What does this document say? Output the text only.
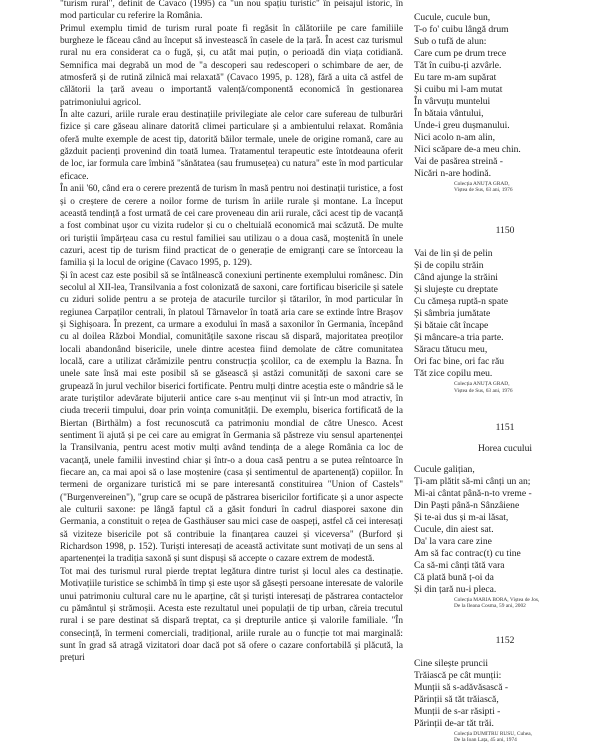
"turism rural", definit de Cavaco (1995) ca "un nou spațiu turistic" în peisajul istoric, în mod particular cu referire la România.

Primul exemplu timid de turism rural poate fi regăsit în călătoriile pe care familiile burgheze le făceau când au început să investească în casele de la țară. În acest caz turismul rural nu era considerat ca o fugă, și, cu atât mai puțin, o perioadă din viața cotidiană. Semnifica mai degrabă un mod de "a descoperi sau redescoperi o schimbare de aer, de atmosferă și de rutină zilnică mai relaxată" (Cavaco 1995, p. 128), fără a uita că astfel de călătorii la țară aveau o importantă valență/componentă economică în gestionarea patrimoniului agricol.

În alte cazuri, ariile rurale erau destinațiile privilegiate ale celor care sufereau de tulburări fizice și care găseau alinare datorită climei particulare și a ambientului relaxat. România oferă multe exemple de acest tip, datorită băilor termale, unele de origine romană, care au găzduit pacienți provenind din toată lumea. Tratamentul terapeutic este întotdeauna oferit de loc, iar formula care îmbină "sănătatea (sau frumusețea) cu natura" este în mod particular eficace.

În anii '60, când era o cerere prezentă de turism în masă pentru noi destinații turistice, a fost și o creștere de cerere a noilor forme de turism în ariile rurale și montane. La început această tendință a fost urmată de cei care proveneau din arii rurale, căci acest tip de vacanță a fost combinat ușor cu vizita rudelor și cu o cheltuială economică mai scăzută. De multe ori turiștii împărțeau casa cu restul familiei sau utilizau o a doua casă, moștenită în unele cazuri, acest tip de turism fiind practicat de o generație de emigranți care se întorceau la familia și la locul de origine (Cavaco 1995, p. 129).

Și în acest caz este posibil să se întâlnească conexiuni pertinente exemplului românesc. Din secolul al XII-lea, Transilvania a fost colonizată de saxoni, care fortificau bisericile și satele cu ziduri solide pentru a se proteja de atacurile turcilor și tătarilor, în mod particular în regiunea Carpaților centrali, în platoul Târnavelor în toată aria care se extinde între Brașov și Sighișoara. În prezent, ca urmare a exodului în masă a saxonilor în Germania, începând cu al doilea Război Mondial, comunitățile saxone riscau să dispară, majoritatea preoților locali abandonând bisericile, unele dintre acestea fiind demolate de către comunitatea locală, care a utilizat cărămizile pentru construcția școlilor, ca de exemplu la Bazna. În unele sate însă mai este posibil să se găsească și astăzi comunități de saxoni care se grupează în jurul vechilor biserici fortificate. Pentru mulți dintre aceștia este o mândrie să le arate turiștilor adevărate bijuterii antice care s-au menținut vii și într-un mod atractiv, în ciuda trecerii timpului, doar prin voința comunității. De exemplu, biserica fortificată de la Biertan (Birthälm) a fost recunoscută ca patrimoniu mondial de către Unesco. Acest sentiment îi ajută și pe cei care au emigrat în Germania să păstreze viu sensul apartenenței la Transilvania, pentru acest motiv mulți având tendința de a alege România ca loc de vacanță, unele familii investind chiar și într-o a doua casă pentru a se putea reîntoarce în fiecare an, ca mai apoi să o lase moștenire (casa și sentimentul de apartenență) copiilor. În termeni de organizare turistică mi se pare interesantă constituirea "Union of Castels" ("Burgenvereinen"), "grup care se ocupă de păstrarea bisericilor fortificate și a unor aspecte ale culturii saxone: pe lângă faptul că a găsit fonduri în cadrul diasporei saxone din Germania, a constituit o rețea de Gasthäuser sau mici case de oaspeți, astfel că cei interesați să viziteze bisericile pot să contribuie la finanțarea cauzei și viceversa" (Burford și Richardson 1998, p. 152). Turiști interesați de această activitate sunt motivați de un sens al apartenenței la tradiția saxonă și sunt dispuși să accepte o cazare extrem de modestă.

Tot mai des turismul rural pierde treptat legătura dintre turist și locul ales ca destinație. Motivațiile turistice se schimbă în timp și este ușor să găsești persoane interesate de valorile unui patrimoniu cultural care nu le aparține, cât și turiști interesați de păstrarea contactelor cu pământul și strămoșii. Acesta este rezultatul unei populații de tip urban, căreia trecutul rural i se pare destinat să dispară treptat, ca și drepturile antice și valorile familiale. "În consecință, în termeni comerciali, tradițional, ariile rurale au o funcție tot mai marginală: sunt în grad să atragă vizitatori doar dacă pot să ofere o cazare confortabilă și plăcută, la prețuri

Cucule, cucule bun,
T-o fo' cuibu lângă drum
Sub o tufă de alun:
Care cum pe drum trece
Tăt în cuibu-ți azvârle.
Eu tare m-am supărat
Și cuibu mi l-am mutat
În vârvuțu muntelui
În bătaia vântului,
Unde-i greu dușmanului.
Nici acolo n-am alin,
Nici scăpare de-a meu chin.
Vai de pasărea streină -
Nicări n-are hodină.
Colecția ANUȚA GRAD,
Viștea de Sus, 63 ani, 1976

1150

Vai de lin și de pelin
Și de copilu străin
Când ajunge la străini
Și slujește cu dreptate
Cu cămeșa ruptă-n spate
Și sâmbria jumătate
Și bătaie cât încape
Și mâncare-a tria parte.
Săracu tătucu meu,
Ori fac bine, ori fac rău
Tăt zice copilu meu.
Colecția ANUȚA GRAD,
Viștea de Sus, 63 ani, 1976

1151

Horea cucului

Cucule galițian,
Ți-am plătit să-mi cânți un an;
Mi-ai cântat până-n-to vreme -
Din Paști până-n Sânzâiene
Și te-ai dus și m-ai lăsat,
Cucule, din aiest sat.
Da' la vara care zine
Am să fac contrac(t) cu tine
Ca să-mi cânți tătă vara
Că plată bună ț-oi da
Și din țară nu-i plecа.
Colecția MARIA BORA, Viștea de Jos,
De la Ileana Cosma, 59 ani, 2002

1152

Cine silește pruncii
Trăiască pe cât munții:
Munții să s-adăvăsască -
Părinții să tăt trăiască,
Munții de s-ar răsipti -
Părinții de-ar tăt trăi.
Colecția DUMITRU RUSU, Cuhea,
De la Ioan Lața, 45 ani, 1974
